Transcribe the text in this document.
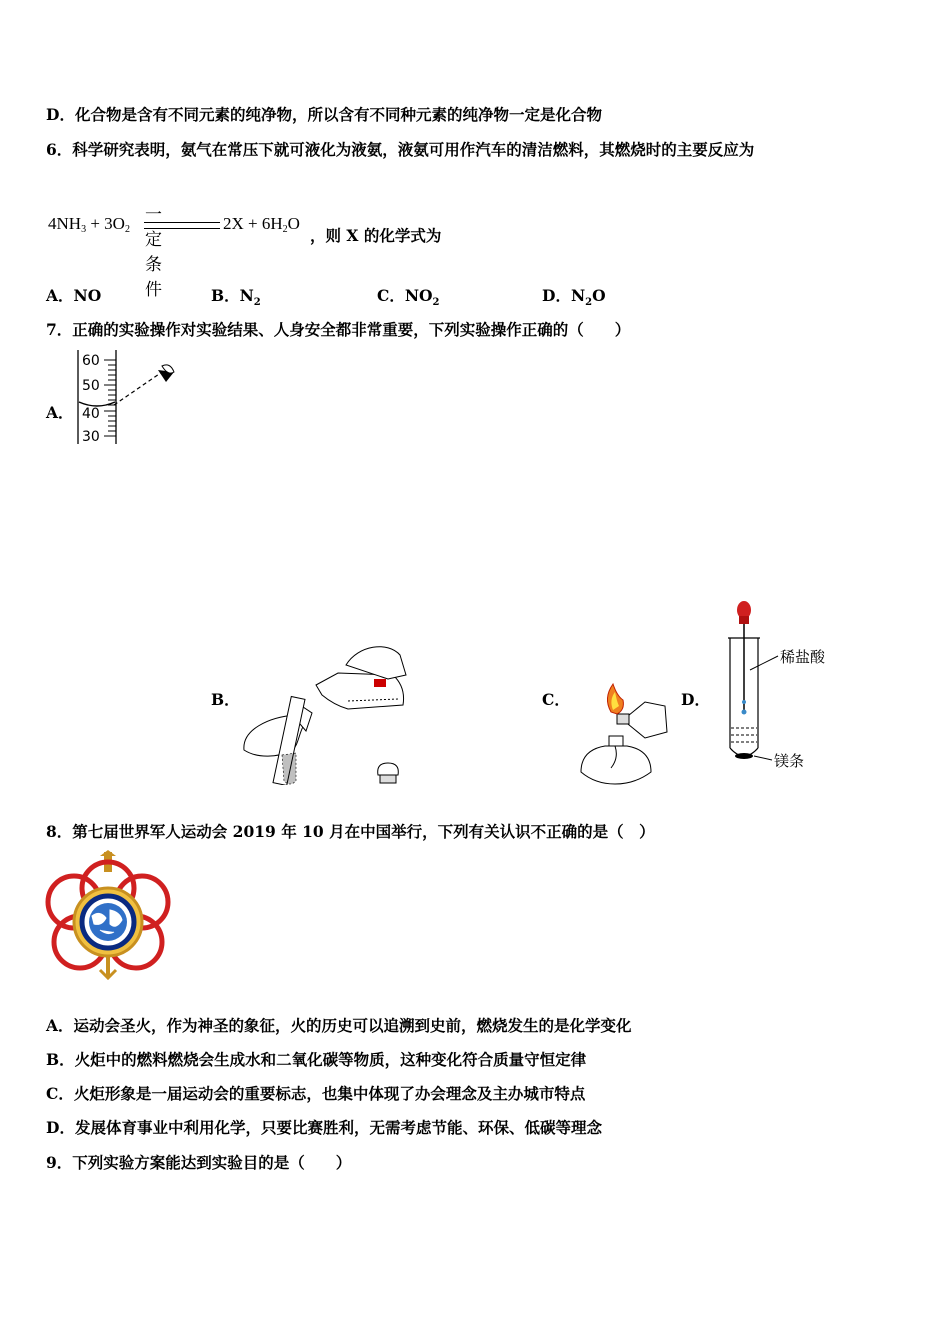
D．化合物是含有不同元素的纯净物，所以含有不同种元素的纯净物一定是化合物
6．科学研究表明，氨气在常压下就可液化为液氨，液氨可用作汽车的清洁燃料，其燃烧时的主要反应为
$4NH_3 + 3O_2$
一定条件
$2X + 6H_2O$
，则 X 的化学式为
A．NO	B．$N_2$	C．$NO_2$	D．$N_2O$
7．正确的实验操作对实验结果、人身安全都非常重要，下列实验操作正确的（　　）
A．
60
50
40
30
B．	C．	D．
稀盐酸
镁条
8．第七届世界军人运动会 2019 年 10 月在中国举行，下列有关认识不正确的是（　）
A．运动会圣火，作为神圣的象征，火的历史可以追溯到史前，燃烧发生的是化学变化
B．火炬中的燃料燃烧会生成水和二氧化碳等物质，这种变化符合质量守恒定律
C．火炬形象是一届运动会的重要标志，也集中体现了办会理念及主办城市特点
D．发展体育事业中利用化学，只要比赛胜利，无需考虑节能、环保、低碳等理念
9．下列实验方案能达到实验目的是（　　）
